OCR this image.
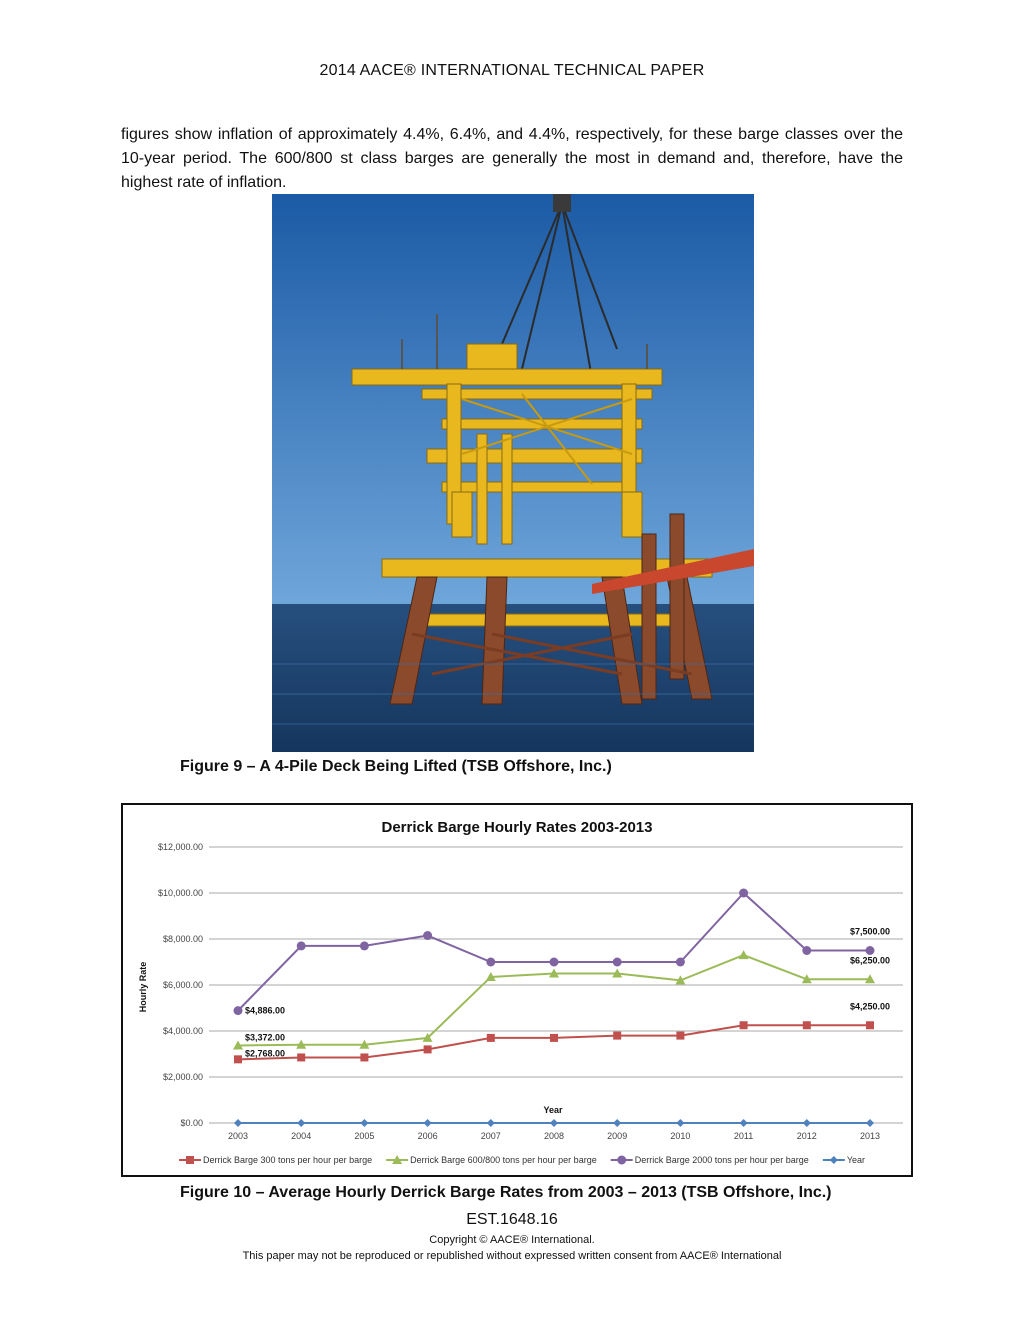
2014 AACE® INTERNATIONAL TECHNICAL PAPER
figures show inflation of approximately 4.4%, 6.4%, and 4.4%, respectively, for these barge classes over the 10-year period. The 600/800 st class barges are generally the most in demand and, therefore, have the highest rate of inflation.
Figure 9 – A 4-Pile Deck Being Lifted (TSB Offshore, Inc.)
Derrick Barge Hourly Rates 2003-2013
$0.00
$2,000.00
$4,000.00
$6,000.00
$8,000.00
$10,000.00
$12,000.00
2003	2004	2005	2006	2007	2008	2009	2010	2011	2012	2013
Hourly Rate
Year
$4,886.00
$3,372.00
$2,768.00
$7,500.00
$6,250.00
$4,250.00
Derrick Barge 300 tons per hour per barge	Derrick Barge 600/800 tons per hour per barge	Derrick Barge 2000 tons per hour per barge	Year
Figure 10 – Average Hourly Derrick Barge Rates from 2003 – 2013 (TSB Offshore, Inc.)
EST.1648.16
Copyright © AACE® International.
This paper may not be reproduced or republished without expressed written consent from AACE® International
